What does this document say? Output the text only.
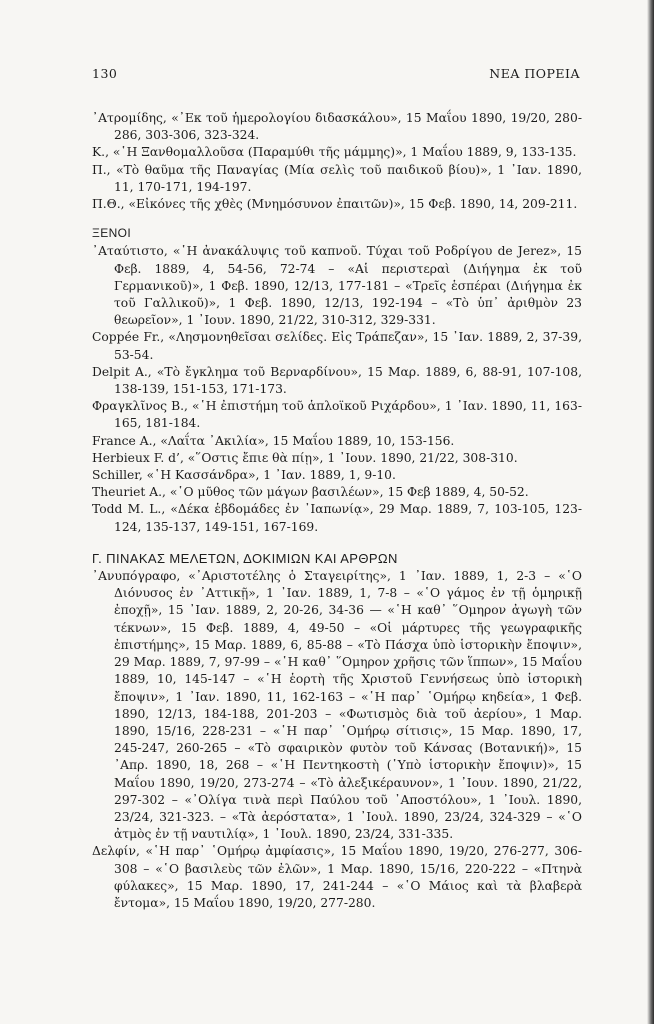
130	ΝΕΑ ΠΟΡΕΙΑ
᾿Ατρομίδης, «᾿Εκ τοῦ ἡμερολογίου διδασκάλου», 15 Μαΐου 1890, 19/20, 280-286, 303-306, 323-324.
Κ., «῾Η Ξανθομαλλοῦσα (Παραμύθι τῆς μάμμης)», 1 Μαΐου 1889, 9, 133-135.
Π., «Τὸ θαῦμα τῆς Παναγίας (Μία σελὶς τοῦ παιδικοῦ βίου)», 1 ᾿Ιαν. 1890, 11, 170-171, 194-197.
Π.Θ., «Εἰκόνες τῆς χθὲς (Μνημόσυνον ἐπαιτῶν)», 15 Φεβ. 1890, 14, 209-211.
ΞΕΝΟΙ
᾿Αταύτιστο, «῾Η ἀνακάλυψις τοῦ καπνοῦ. Τύχαι τοῦ Ροδρίγου de Jerez», 15 Φεβ. 1889, 4, 54-56, 72-74 – «Αἱ περιστεραὶ (Διήγημα ἐκ τοῦ Γερμανικοῦ)», 1 Φεβ. 1890, 12/13, 177-181 – «Τρεῖς ἑσπέραι (Διήγημα ἐκ τοῦ Γαλλικοῦ)», 1 Φεβ. 1890, 12/13, 192-194 – «Τὸ ὑπ᾿ ἀριθμὸν 23 θεωρεῖον», 1 ᾿Ιουν. 1890, 21/22, 310-312, 329-331.
Coppée Fr., «Λησμονηθεῖσαι σελίδες. Εἰς Τράπεζαν», 15 ᾿Ιαν. 1889, 2, 37-39, 53-54.
Delpit A., «Τὸ ἔγκλημα τοῦ Βερναρδίνου», 15 Μαρ. 1889, 6, 88-91, 107-108, 138-139, 151-153, 171-173.
Φραγκλῖνος Β., «῾Η ἐπιστήμη τοῦ ἁπλοϊκοῦ Ριχάρδου», 1 ᾿Ιαν. 1890, 11, 163-165, 181-184.
France A., «Λαΐτα ᾿Ακιλία», 15 Μαΐου 1889, 10, 153-156.
Herbieux F. d’, «῞Οστις ἔπιε θὰ πίῃ», 1 ᾿Ιουν. 1890, 21/22, 308-310.
Schiller, «῾Η Κασσάνδρα», 1 ᾿Ιαν. 1889, 1, 9-10.
Theuriet A., «῾Ο μῦθος τῶν μάγων βασιλέων», 15 Φεβ 1889, 4, 50-52.
Todd M. L., «Δέκα ἑβδομάδες ἐν ᾿Ιαπωνίᾳ», 29 Μαρ. 1889, 7, 103-105, 123-124, 135-137, 149-151, 167-169.
Γ. ΠΙΝΑΚΑΣ ΜΕΛΕΤΩΝ, ΔΟΚΙΜΙΩΝ ΚΑΙ ΑΡΘΡΩΝ
᾿Ανυπόγραφο, «᾿Αριστοτέλης ὁ Σταγειρίτης», 1 ᾿Ιαν. 1889, 1, 2-3 – «῾Ο Διόνυσος ἐν ᾿Αττικῇ», 1 ᾿Ιαν. 1889, 1, 7-8 – «῾Ο γάμος ἐν τῇ ὁμηρικῇ ἐποχῇ», 15 ᾿Ιαν. 1889, 2, 20-26, 34-36 — «῾Η καθ᾿ ῞Ομηρον ἀγωγὴ τῶν τέκνων», 15 Φεβ. 1889, 4, 49-50 – «Οἱ μάρτυρες τῆς γεωγραφικῆς ἐπιστήμης», 15 Μαρ. 1889, 6, 85-88 – «Τὸ Πάσχα ὑπὸ ἱστορικὴν ἔποψιν», 29 Μαρ. 1889, 7, 97-99 – «῾Η καθ᾿ ῞Ομηρον χρῆσις τῶν ἵππων», 15 Μαΐου 1889, 10, 145-147 – «῾Η ἑορτὴ τῆς Χριστοῦ Γεννήσεως ὑπὸ ἱστορικὴ ἔποψιν», 1 ᾿Ιαν. 1890, 11, 162-163 – «῾Η παρ᾿ ῾Ομήρῳ κηδεία», 1 Φεβ. 1890, 12/13, 184-188, 201-203 – «Φωτισμὸς διὰ τοῦ ἀερίου», 1 Μαρ. 1890, 15/16, 228-231 – «῾Η παρ᾿ ῾Ομήρῳ σίτισις», 15 Μαρ. 1890, 17, 245-247, 260-265 – «Τὸ σφαιρικὸν φυτὸν τοῦ Κάνσας (Βοτανική)», 15 ᾿Απρ. 1890, 18, 268 – «῾Η Πεντηκοστὴ (῾Υπὸ ἱστορικὴν ἔποψιν)», 15 Μαΐου 1890, 19/20, 273-274 – «Τὸ ἀλεξικέραυνον», 1 ᾿Ιουν. 1890, 21/22, 297-302 – «᾿Ολίγα τινὰ περὶ Παύλου τοῦ ᾿Αποστόλου», 1 ᾿Ιουλ. 1890, 23/24, 321-323. – «Τὰ ἀερόστατα», 1 ᾿Ιουλ. 1890, 23/24, 324-329 – «῾Ο ἀτμὸς ἐν τῇ ναυτιλίᾳ», 1 ᾿Ιουλ. 1890, 23/24, 331-335.
Δελφίν, «῾Η παρ᾿ ῾Ομήρῳ ἀμφίασις», 15 Μαΐου 1890, 19/20, 276-277, 306-308 – «῾Ο βασιλεὺς τῶν ἐλῶν», 1 Μαρ. 1890, 15/16, 220-222 – «Πτηνὰ φύλακες», 15 Μαρ. 1890, 17, 241-244 – «῾Ο Μάιος καὶ τὰ βλαβερὰ ἔντομα», 15 Μαΐου 1890, 19/20, 277-280.
